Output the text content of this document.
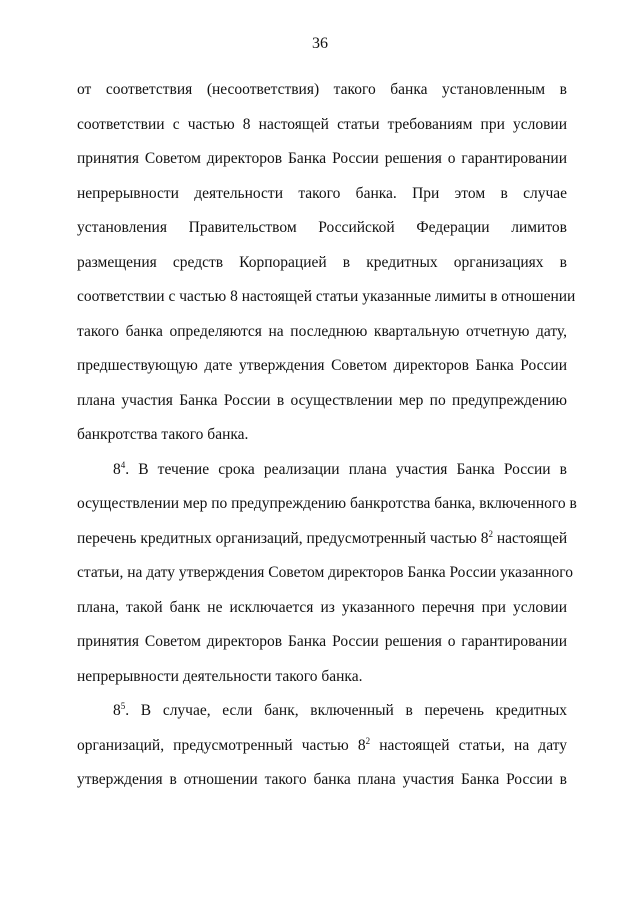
36
от соответствия (несоответствия) такого банка установленным в
соответствии с частью 8 настоящей статьи требованиям при условии
принятия Советом директоров Банка России решения о гарантировании
непрерывности деятельности такого банка. При этом в случае
установления Правительством Российской Федерации лимитов
размещения средств Корпорацией в кредитных организациях в
соответствии с частью 8 настоящей статьи указанные лимиты в отношении
такого банка определяются на последнюю квартальную отчетную дату,
предшествующую дате утверждения Советом директоров Банка России
плана участия Банка России в осуществлении мер по предупреждению
банкротства такого банка.
$8^4$. В течение срока реализации плана участия Банка России в
осуществлении мер по предупреждению банкротства банка, включенного в
перечень кредитных организаций, предусмотренный частью $8^2$ настоящей
статьи, на дату утверждения Советом директоров Банка России указанного
плана, такой банк не исключается из указанного перечня при условии
принятия Советом директоров Банка России решения о гарантировании
непрерывности деятельности такого банка.
$8^5$. В случае, если банк, включенный в перечень кредитных
организаций, предусмотренный частью $8^2$ настоящей статьи, на дату
утверждения в отношении такого банка плана участия Банка России в
